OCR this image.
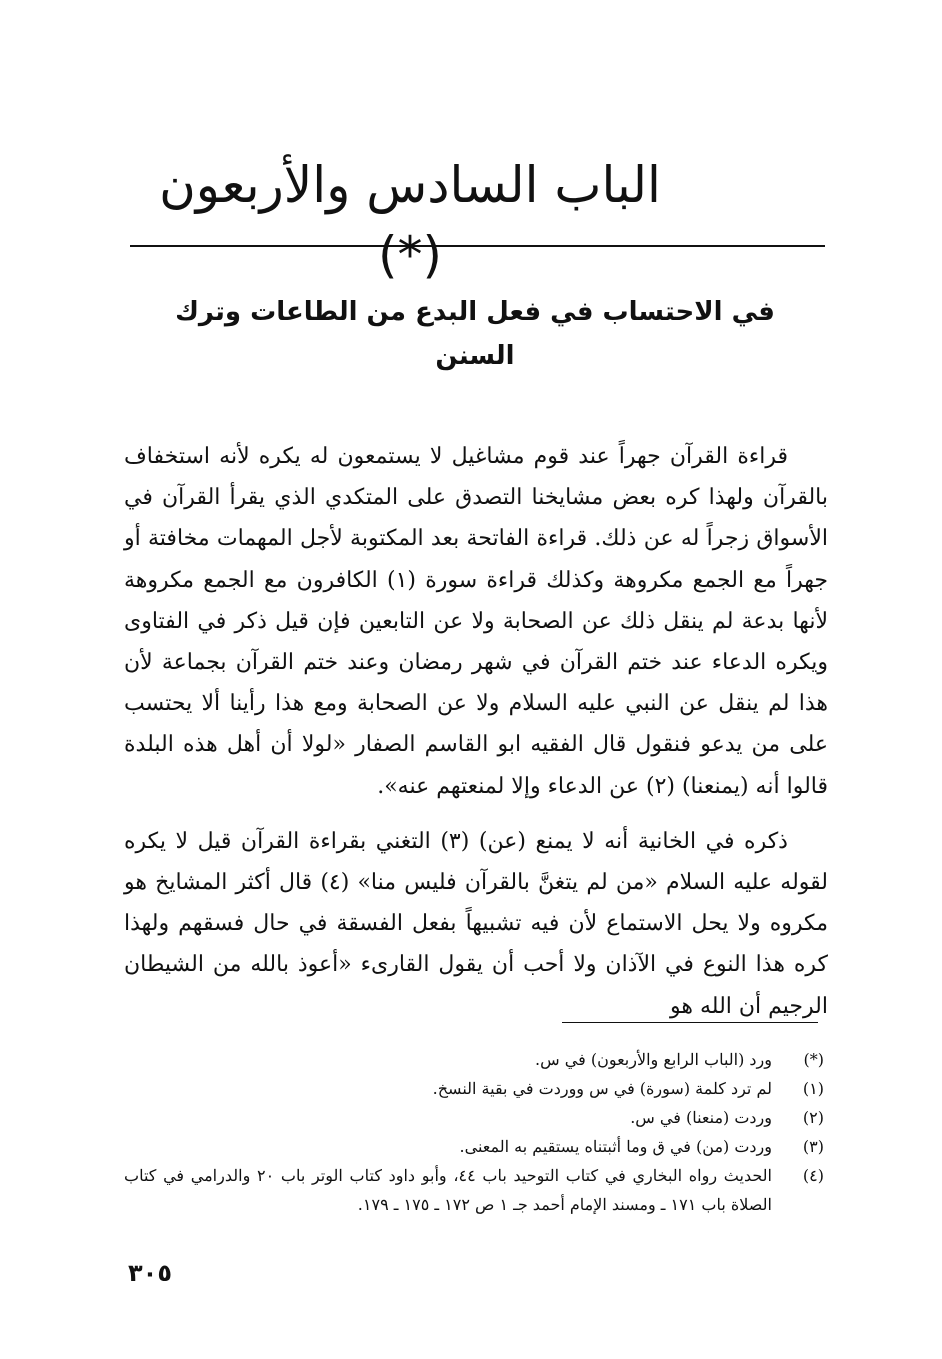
الباب السادس والأربعون (*)
في الاحتساب في فعل البدع من الطاعات وترك السنن

قراءة القرآن جهراً عند قوم مشاغيل لا يستمعون له يكره لأنه استخفاف بالقرآن ولهذا كره بعض مشايخنا التصدق على المتكدي الذي يقرأ القرآن في الأسواق زجراً له عن ذلك. قراءة الفاتحة بعد المكتوبة لأجل المهمات مخافتة أو جهراً مع الجمع مكروهة وكذلك قراءة سورة (١) الكافرون مع الجمع مكروهة لأنها بدعة لم ينقل ذلك عن الصحابة ولا عن التابعين فإن قيل ذكر في الفتاوى ويكره الدعاء عند ختم القرآن في شهر رمضان وعند ختم القرآن بجماعة لأن هذا لم ينقل عن النبي عليه السلام ولا عن الصحابة ومع هذا رأينا ألا يحتسب على من يدعو فنقول قال الفقيه ابو القاسم الصفار «لولا أن أهل هذه البلدة قالوا أنه (يمنعنا) (٢) عن الدعاء وإلا لمنعتهم عنه».

ذكره في الخانية أنه لا يمنع (عن) (٣) التغني بقراءة القرآن قيل لا يكره لقوله عليه السلام «من لم يتغنَّ بالقرآن فليس منا» (٤) قال أكثر المشايخ هو مكروه ولا يحل الاستماع لأن فيه تشبيهاً بفعل الفسقة في حال فسقهم ولهذا كره هذا النوع في الآذان ولا أحب أن يقول القارىء «أعوذ بالله من الشيطان الرجيم أن الله هو

(*)
ورد (الباب الرابع والأربعون) في س.
(١)
لم ترد كلمة (سورة) في س ووردت في بقية النسخ.
(٢)
وردت (منعنا) في س.
(٣)
وردت (من) في ق وما أثبتناه يستقيم به المعنى.
(٤)
الحديث رواه البخاري في كتاب التوحيد باب ٤٤، وأبو داود كتاب الوتر باب ٢٠ والدرامي في كتاب الصلاة باب ١٧١ ـ ومسند الإمام أحمد جـ ١ ص ١٧٢ ـ ١٧٥ ـ ١٧٩.
٣٠٥
